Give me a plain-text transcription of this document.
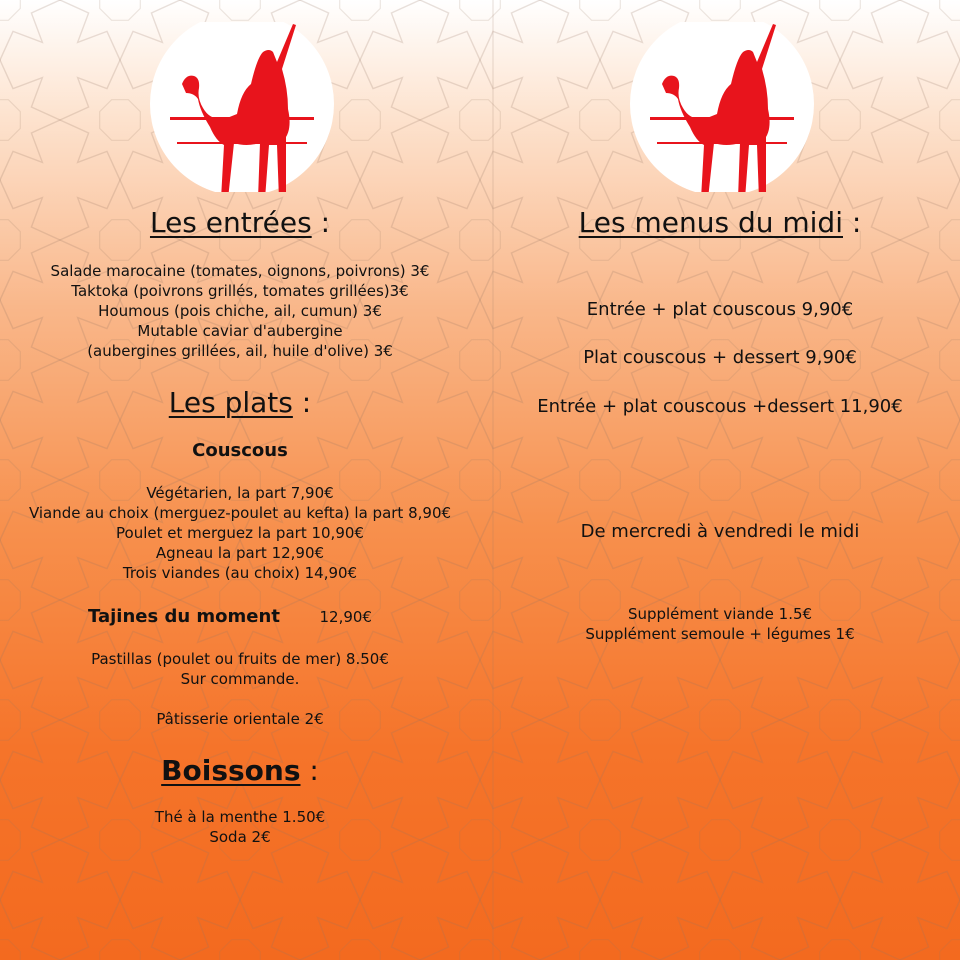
Les entrées :
Salade marocaine (tomates, oignons, poivrons) 3€
Taktoka (poivrons grillés, tomates grillées)3€
Houmous (pois chiche, ail, cumun) 3€
Mutable caviar d'aubergine
(aubergines grillées, ail, huile d'olive) 3€
Les plats :
Couscous
Végétarien, la part 7,90€
Viande au choix (merguez-poulet au kefta) la part 8,90€
Poulet et merguez la part 10,90€
Agneau la part 12,90€
Trois viandes (au choix) 14,90€
Tajines du moment	12,90€
Pastillas (poulet ou fruits de mer) 8.50€
Sur commande.
Pâtisserie orientale 2€
Boissons :
Thé à la menthe 1.50€
Soda 2€
Les menus du midi :
Entrée + plat couscous 9,90€
Plat couscous + dessert 9,90€
Entrée + plat couscous +dessert 11,90€
De mercredi à vendredi le midi
Supplément viande 1.5€
Supplément semoule + légumes 1€
